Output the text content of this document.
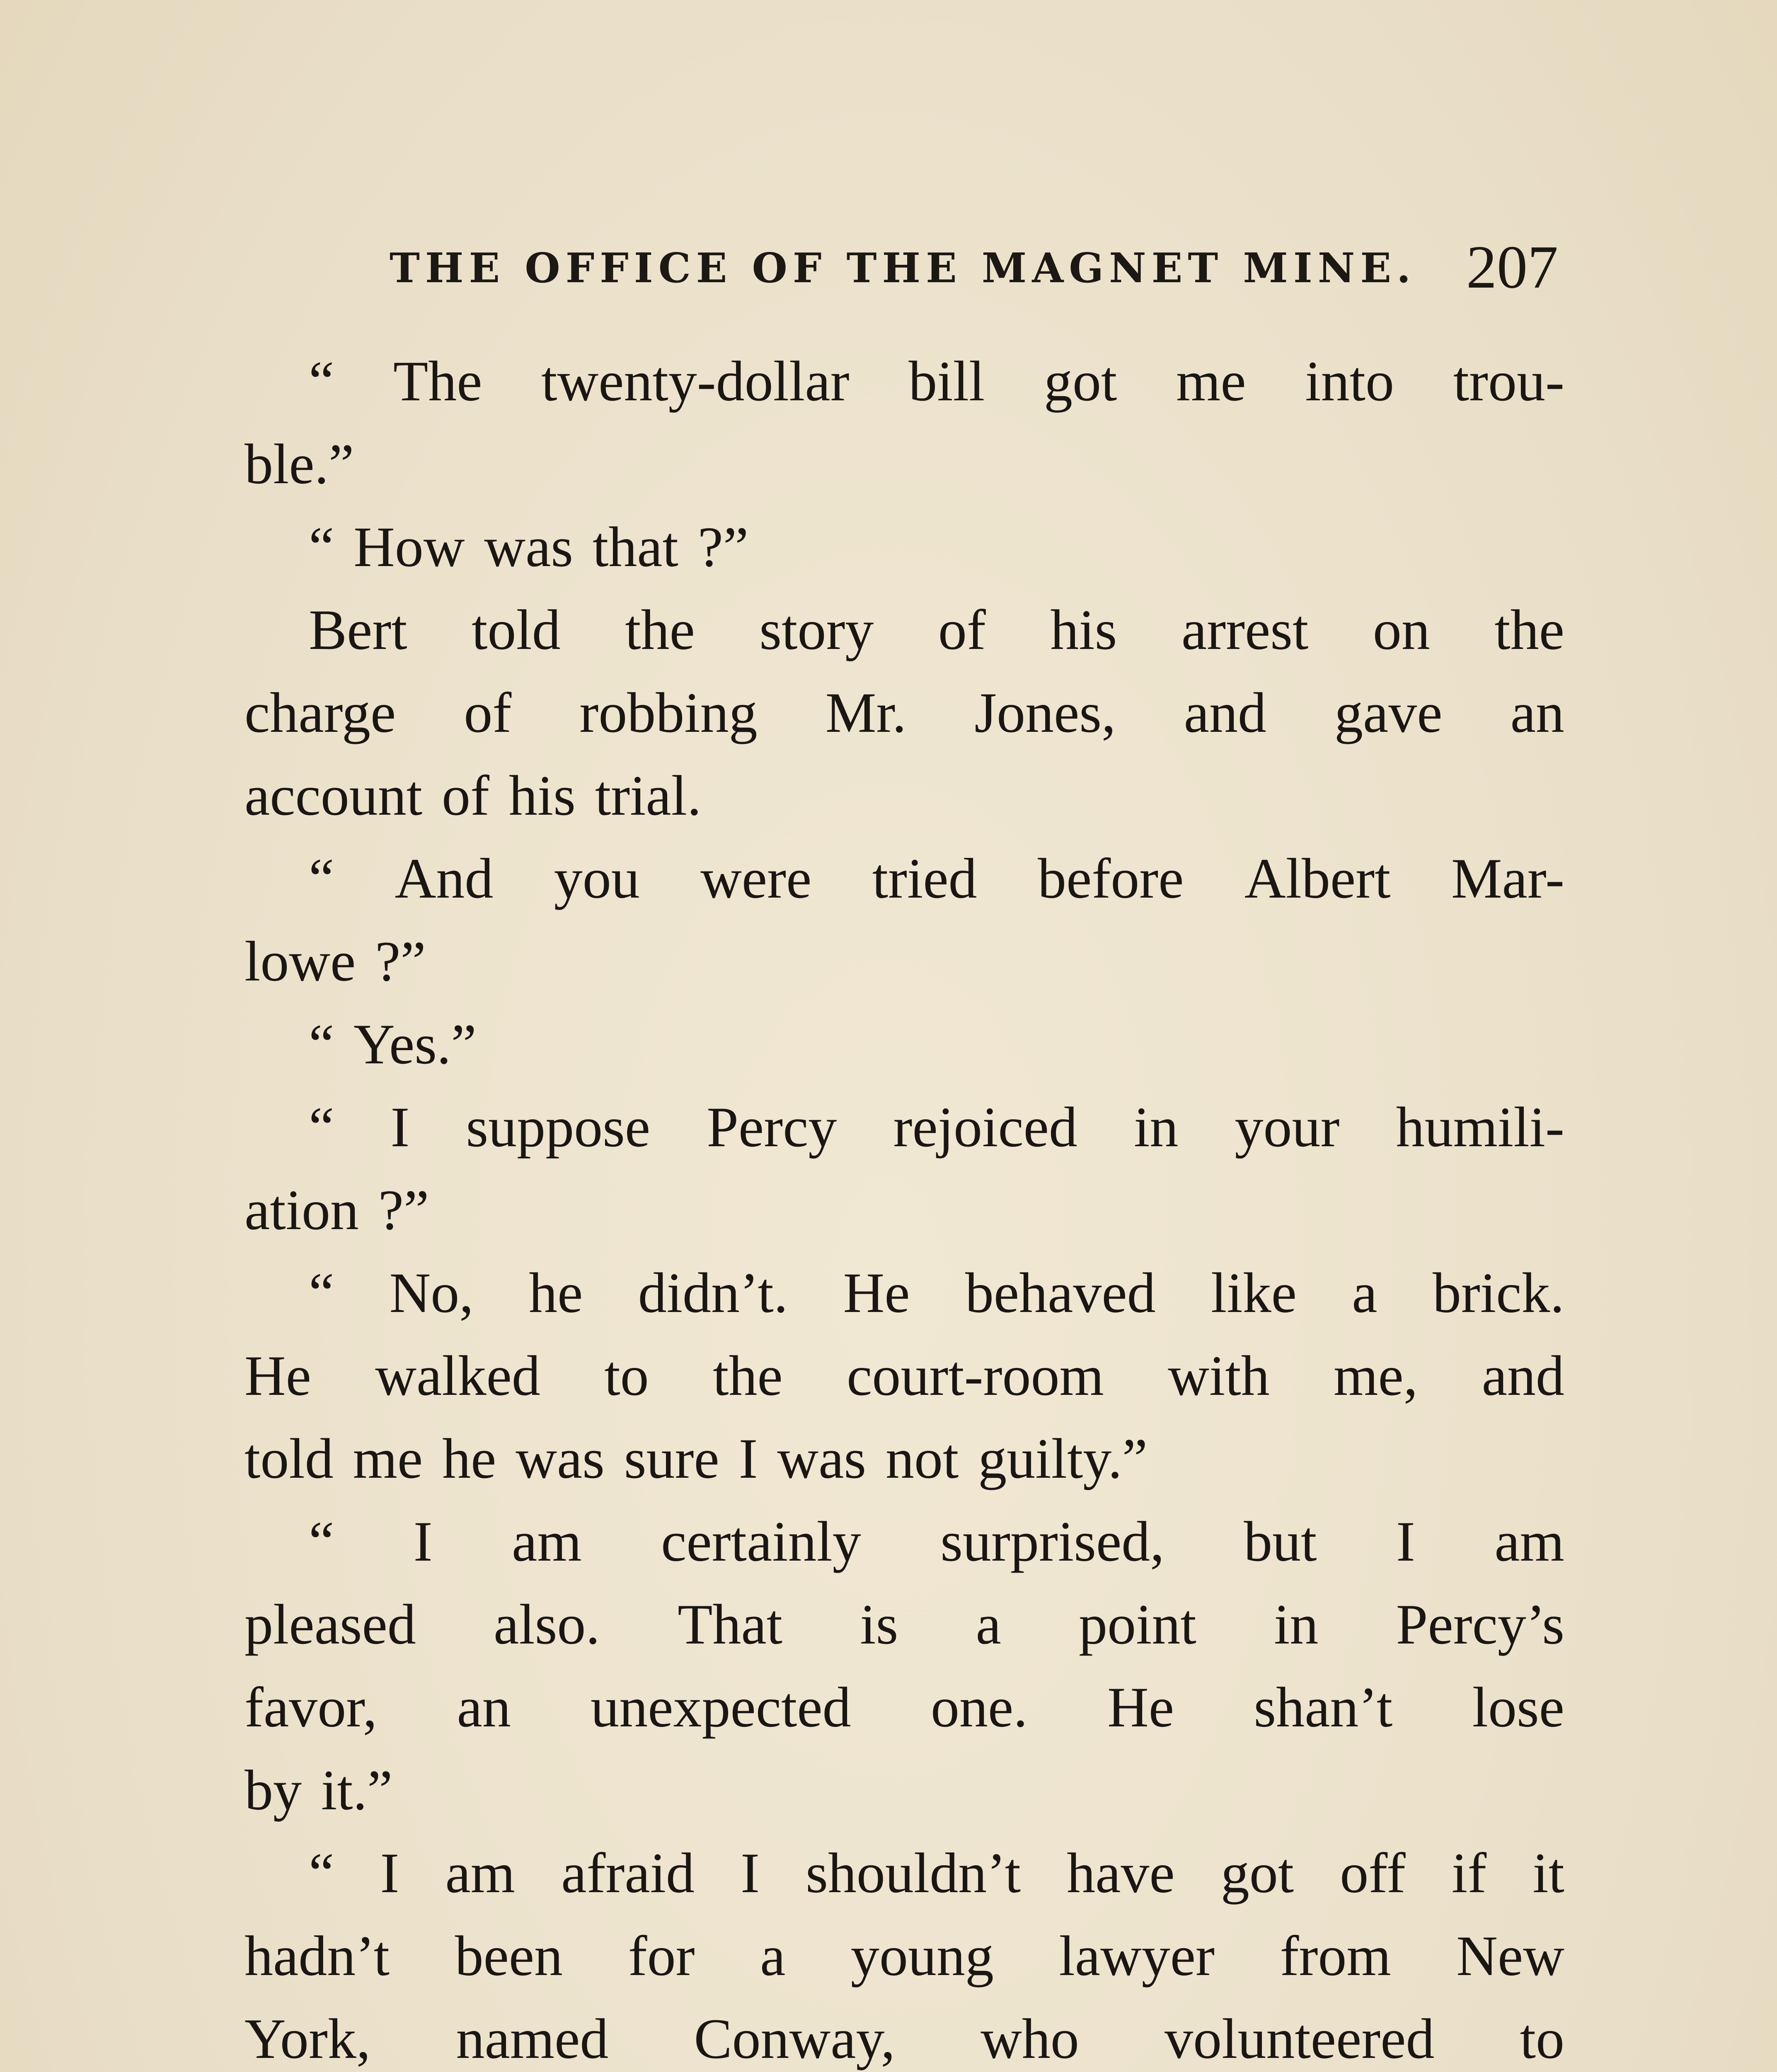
THE OFFICE OF THE MAGNET MINE. 207
“ The twenty-dollar bill got me into trou-
ble.”
“ How was that ?”
Bert told the story of his arrest on the
charge of robbing Mr. Jones, and gave an
account of his trial.
“ And you were tried before Albert Mar-
lowe ?”
“ Yes.”
“ I suppose Percy rejoiced in your humili-
ation ?”
“ No, he didn’t. He behaved like a brick.
He walked to the court-room with me, and
told me he was sure I was not guilty.”
“ I am certainly surprised, but I am
pleased also. That is a point in Percy’s
favor, an unexpected one. He shan’t lose
by it.”
“ I am afraid I shouldn’t have got off if it
hadn’t been for a young lawyer from New
York, named Conway, who volunteered to
